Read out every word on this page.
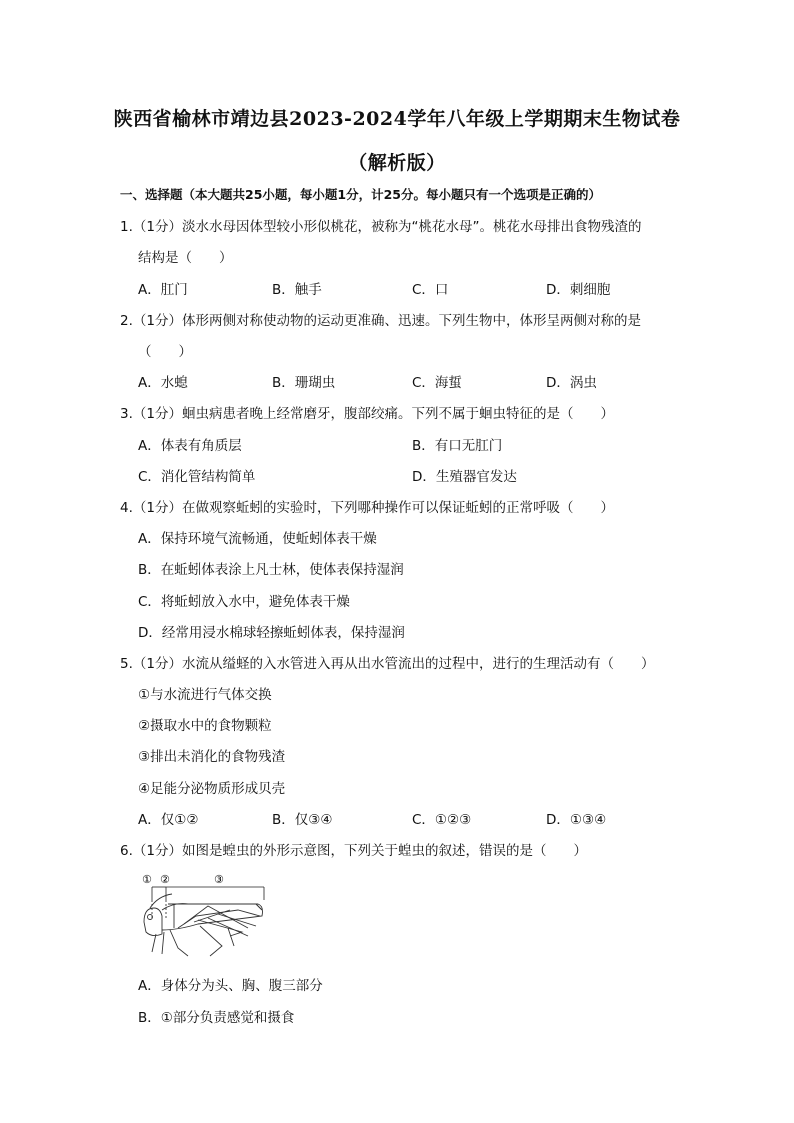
陕西省榆林市靖边县2023-2024学年八年级上学期期末生物试卷
（解析版）
一、选择题（本大题共25小题，每小题1分，计25分。每小题只有一个选项是正确的）
1.（1分）淡水水母因体型较小形似桃花，被称为“桃花水母”。桃花水母排出食物残渣的
结构是（　　）
A．肛门	B．触手	C．口	D．刺细胞
2.（1分）体形两侧对称使动物的运动更准确、迅速。下列生物中，体形呈两侧对称的是
（　　）
A．水螅	B．珊瑚虫	C．海蜇	D．涡虫
3.（1分）蛔虫病患者晚上经常磨牙，腹部绞痛。下列不属于蛔虫特征的是（　　）
A．体表有角质层	B．有口无肛门
C．消化管结构简单	D．生殖器官发达
4.（1分）在做观察蚯蚓的实验时，下列哪种操作可以保证蚯蚓的正常呼吸（　　）
A．保持环境气流畅通，使蚯蚓体表干燥
B．在蚯蚓体表涂上凡士林，使体表保持湿润
C．将蚯蚓放入水中，避免体表干燥
D．经常用浸水棉球轻擦蚯蚓体表，保持湿润
5.（1分）水流从缢蛏的入水管进入再从出水管流出的过程中，进行的生理活动有（　　）
①与水流进行气体交换
②摄取水中的食物颗粒
③排出未消化的食物残渣
④足能分泌物质形成贝壳
A．仅①②	B．仅③④	C．①②③	D．①③④
6.（1分）如图是蝗虫的外形示意图，下列关于蝗虫的叙述，错误的是（　　）
① ②	③
A．身体分为头、胸、腹三部分
B．①部分负责感觉和摄食
